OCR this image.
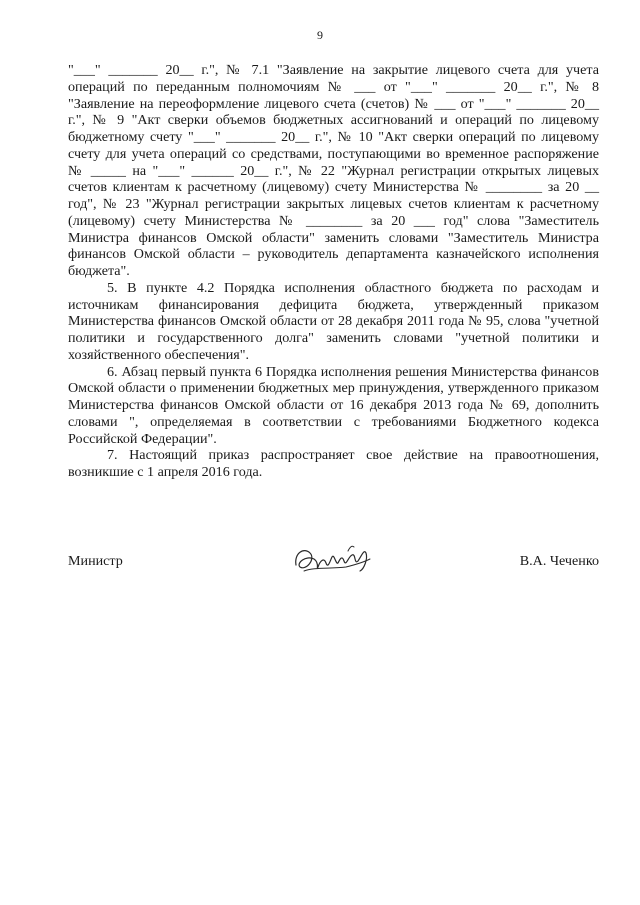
9

"___" _______ 20__ г.", № 7.1 "Заявление на закрытие лицевого счета для учета операций по переданным полномочиям № ___ от "___" _______ 20__ г.", № 8 "Заявление на переоформление лицевого счета (счетов) № ___ от "___" _______ 20__ г.", № 9 "Акт сверки объемов бюджетных ассигнований и операций по лицевому бюджетному счету "___" _______ 20__ г.", № 10 "Акт сверки операций по лицевому счету для учета операций со средствами, поступающими во временное распоряжение № _____ на "___" ______ 20__ г.", № 22 "Журнал регистрации открытых лицевых счетов клиентам к расчетному (лицевому) счету Министерства № ________ за 20 __ год", № 23 "Журнал регистрации закрытых лицевых счетов клиентам к расчетному (лицевому) счету Министерства № ________ за 20 ___ год" слова "Заместитель Министра финансов Омской области" заменить словами "Заместитель Министра финансов Омской области – руководитель департамента казначейского исполнения бюджета".

5. В пункте 4.2 Порядка исполнения областного бюджета по расходам и источникам финансирования дефицита бюджета, утвержденный приказом Министерства финансов Омской области от 28 декабря 2011 года № 95, слова "учетной политики и государственного долга" заменить словами "учетной политики и хозяйственного обеспечения".

6. Абзац первый пункта 6 Порядка исполнения решения Министерства финансов Омской области о применении бюджетных мер принуждения, утвержденного приказом Министерства финансов Омской области от 16 декабря 2013 года № 69, дополнить словами ", определяемая в соответствии с требованиями Бюджетного кодекса Российской Федерации".

7. Настоящий приказ распространяет свое действие на правоотношения, возникшие с 1 апреля 2016 года.

Министр	В.А. Чеченко
